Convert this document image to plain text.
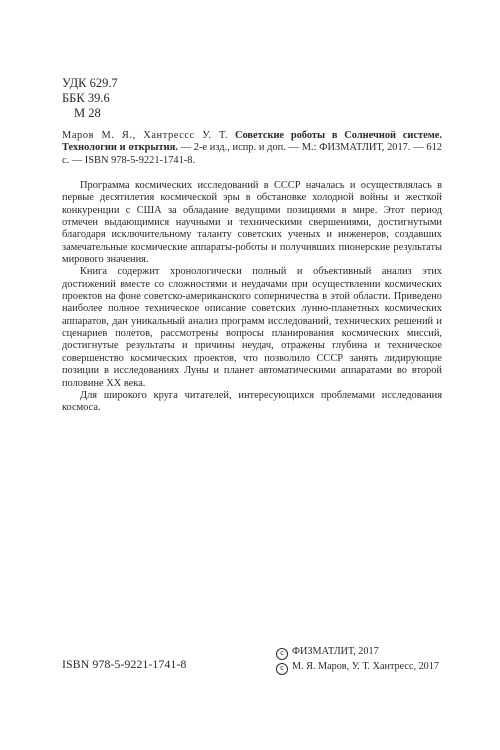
УДК 629.7
ББК 39.6
М 28
Маров М. Я., Хантрессс У. Т. Советские роботы в Солнечной системе. Технологии и открытия. — 2-е изд., испр. и доп. — М.: ФИЗМАТЛИТ, 2017. — 612 с. — ISBN 978-5-9221-1741-8.

Программа космических исследований в СССР началась и осуществлялась в первые десятилетия космической эры в обстановке холодной войны и жесткой конкуренции с США за обладание ведущими позициями в мире. Этот период отмечен выдающимися научными и техническими свершениями, достигнутыми благодаря исключительному таланту советских ученых и инженеров, создавших замечательные космические аппараты-роботы и получившиx пионерские результаты мирового значения.

Книга содержит хронологически полный и объективный анализ этих достижений вместе со сложностями и неудачами при осуществлении космических проектов на фоне советско-американского соперничества в этой области. Приведено наиболее полное техническое описание советских лунно-планетных космических аппаратов, дан уникальный анализ программ исследований, технических решений и сценариев полетов, рассмотрены вопросы планирования космических миссий, достигнутые результаты и причины неудач, отражены глубина и техническое совершенство космических проектов, что позволило СССР занять лидирующие позиции в исследованиях Луны и планет автоматическими аппаратами во второй половине XX века.

Для широкого круга читателей, интересующихся проблемами исследования космоса.

ISBN 978-5-9221-1741-8
c ФИЗМАТЛИТ, 2017
c М. Я. Маров, У. Т. Хантресс, 2017
